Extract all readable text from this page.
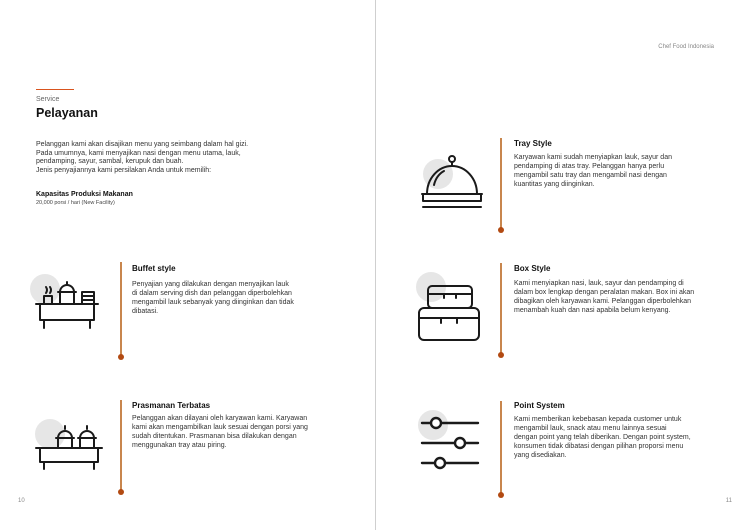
Service
Pelayanan
Pelanggan kami akan disajikan menu yang seimbang dalam hal gizi.
Pada umumnya, kami menyajikan nasi dengan menu utama, lauk,
pendamping, sayur, sambal, kerupuk dan buah.
Jenis penyajiannya kami persilakan Anda untuk memilih:
Kapasitas Produksi Makanan
20,000 porsi / hari (New Facility)
Buffet style
Penyajian yang dilakukan dengan menyajikan lauk
di dalam serving dish dan pelanggan diperbolehkan
mengambil lauk sebanyak yang diinginkan dan tidak
dibatasi.
Prasmanan Terbatas
Pelanggan akan dilayani oleh karyawan kami. Karyawan
kami akan mengambilkan lauk sesuai dengan porsi yang
sudah ditentukan. Prasmanan bisa dilakukan dengan
menggunakan tray atau piring.
10
Chef Food Indonesia
Tray Style
Karyawan kami sudah menyiapkan lauk, sayur dan
pendamping di atas tray. Pelanggan hanya perlu
mengambil satu tray dan mengambil nasi dengan
kuantitas yang diinginkan.
Box Style
Kami menyiapkan nasi, lauk, sayur dan pendamping di
dalam box lengkap dengan peralatan makan. Box ini akan
dibagikan oleh karyawan kami. Pelanggan diperbolehkan
menambah kuah dan nasi apabila belum kenyang.
Point System
Kami memberikan kebebasan kepada customer untuk
mengambil lauk, snack atau menu lainnya sesuai
dengan point yang telah diberikan. Dengan point system,
konsumen tidak dibatasi dengan pilihan proporsi menu
yang disediakan.
11
